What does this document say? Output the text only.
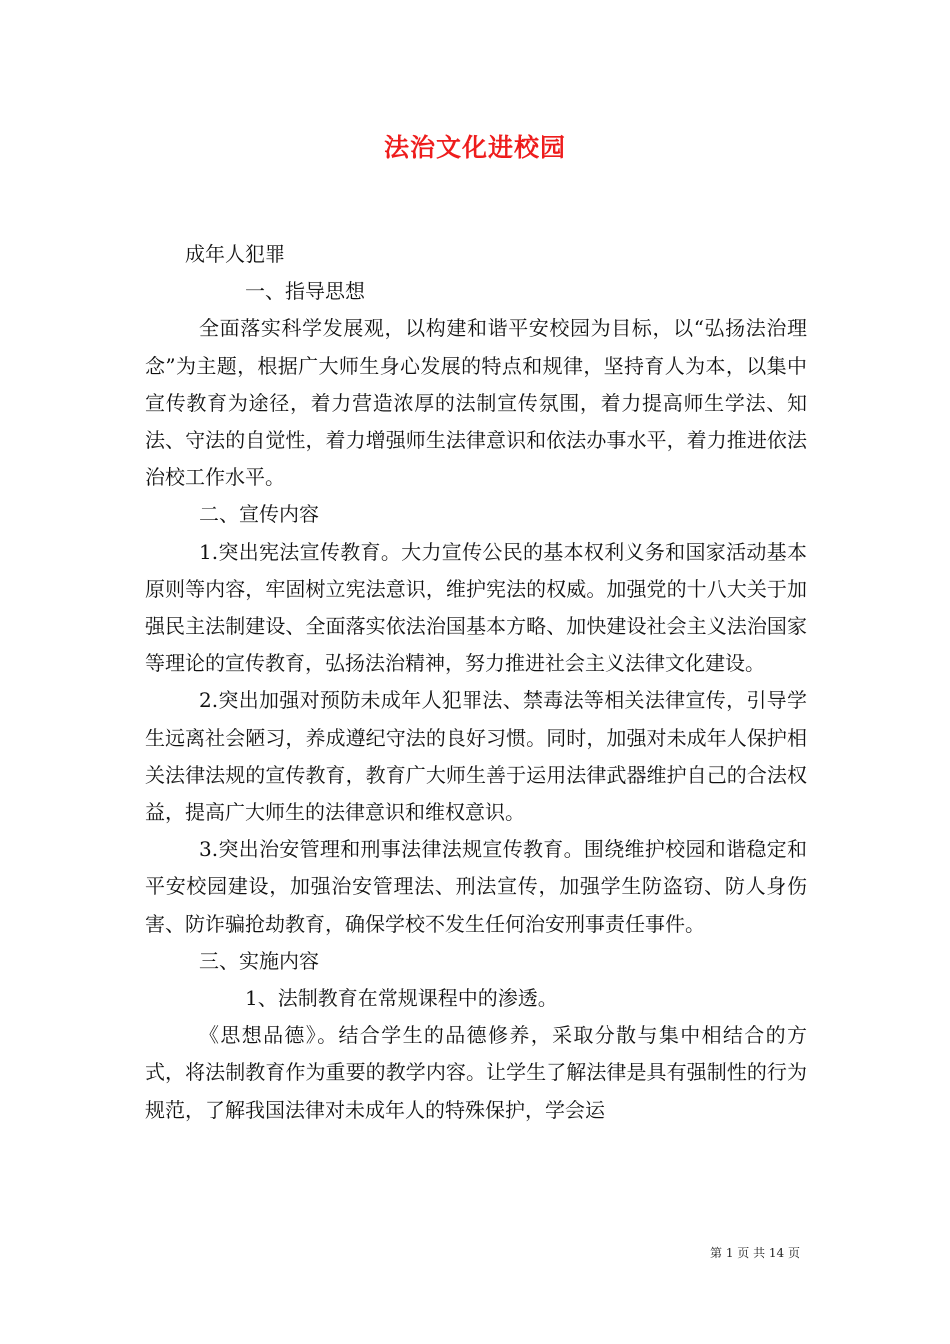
法治文化进校园

成年人犯罪

一、指导思想

全面落实科学发展观，以构建和谐平安校园为目标，以“弘扬法治理念”为主题，根据广大师生身心发展的特点和规律，坚持育人为本，以集中宣传教育为途径，着力营造浓厚的法制宣传氛围，着力提高师生学法、知法、守法的自觉性，着力增强师生法律意识和依法办事水平，着力推进依法治校工作水平。

二、宣传内容

1.突出宪法宣传教育。大力宣传公民的基本权利义务和国家活动基本原则等内容，牢固树立宪法意识，维护宪法的权威。加强党的十八大关于加强民主法制建设、全面落实依法治国基本方略、加快建设社会主义法治国家等理论的宣传教育，弘扬法治精神，努力推进社会主义法律文化建设。

2.突出加强对预防未成年人犯罪法、禁毒法等相关法律宣传，引导学生远离社会陋习，养成遵纪守法的良好习惯。同时，加强对未成年人保护相关法律法规的宣传教育，教育广大师生善于运用法律武器维护自己的合法权益，提高广大师生的法律意识和维权意识。

3.突出治安管理和刑事法律法规宣传教育。围绕维护校园和谐稳定和平安校园建设，加强治安管理法、刑法宣传，加强学生防盗窃、防人身伤害、防诈骗抢劫教育，确保学校不发生任何治安刑事责任事件。

三、实施内容

1、法制教育在常规课程中的渗透。

《思想品德》。结合学生的品德修养，采取分散与集中相结合的方式，将法制教育作为重要的教学内容。让学生了解法律是具有强制性的行为规范，了解我国法律对未成年人的特殊保护，学会运

第 1 页 共 14 页
